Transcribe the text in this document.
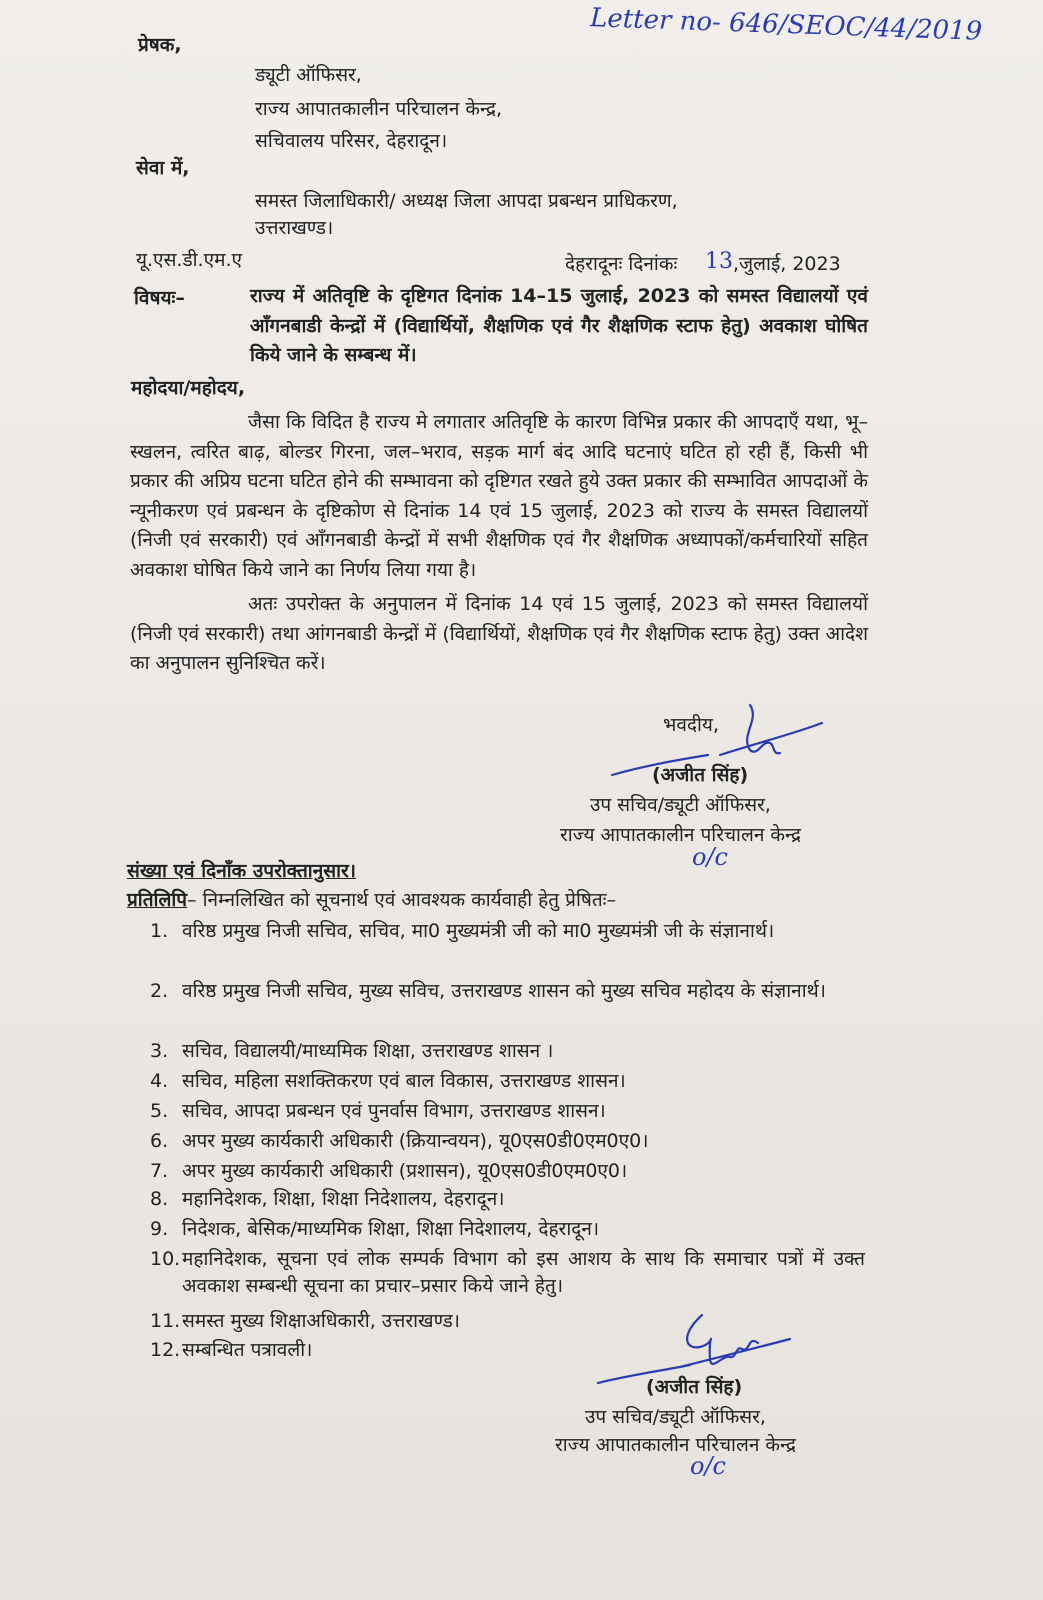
Letter no- 646/SEOC/44/2019
प्रेषक,
ड्यूटी ऑफिसर,
राज्य आपातकालीन परिचालन केन्द्र,
सचिवालय परिसर, देहरादून।
सेवा में,
समस्त जिलाधिकारी/ अध्यक्ष जिला आपदा प्रबन्धन प्राधिकरण,
उत्तराखण्ड।
यू.एस.डी.एम.ए	देहरादूनः दिनांकः 13 ,जुलाई, 2023
विषयः–	राज्य में अतिवृष्टि के दृष्टिगत दिनांक 14–15 जुलाई, 2023 को समस्त विद्यालयों एवं आँगनबाडी केन्द्रों में (विद्यार्थियों, शैक्षणिक एवं गैर शैक्षणिक स्टाफ हेतु) अवकाश घोषित किये जाने के सम्बन्ध में।
महोदया/महोदय,

जैसा कि विदित है राज्य मे लगातार अतिवृष्टि के कारण विभिन्न प्रकार की आपदाएँ यथा, भू–स्खलन, त्वरित बाढ़, बोल्डर गिरना, जल–भराव, सड़क मार्ग बंद आदि घटनाएं घटित हो रही हैं, किसी भी प्रकार की अप्रिय घटना घटित होने की सम्भावना को दृष्टिगत रखते हुये उक्त प्रकार की सम्भावित आपदाओं के न्यूनीकरण एवं प्रबन्धन के दृष्टिकोण से दिनांक 14 एवं 15 जुलाई, 2023 को राज्य के समस्त विद्यालयों (निजी एवं सरकारी) एवं आँगनबाडी केन्द्रों में सभी शैक्षणिक एवं गैर शैक्षणिक अध्यापकों/कर्मचारियों सहित अवकाश घोषित किये जाने का निर्णय लिया गया है।

अतः उपरोक्त के अनुपालन में दिनांक 14 एवं 15 जुलाई, 2023 को समस्त विद्यालयों (निजी एवं सरकारी) तथा आंगनबाडी केन्द्रों में (विद्यार्थियों, शैक्षणिक एवं गैर शैक्षणिक स्टाफ हेतु) उक्त आदेश का अनुपालन सुनिश्चित करें।

भवदीय,
(अजीत सिंह)
उप सचिव/ड्यूटी ऑफिसर,
राज्य आपातकालीन परिचालन केन्द्र
o/c
संख्या एवं दिनाँक उपरोक्तानुसार।
प्रतिलिपि– निम्नलिखित को सूचनार्थ एवं आवश्यक कार्यवाही हेतु प्रेषितः–
1. वरिष्ठ प्रमुख निजी सचिव, सचिव, मा0 मुख्यमंत्री जी को मा0 मुख्यमंत्री जी के संज्ञानार्थ।
2. वरिष्ठ प्रमुख निजी सचिव, मुख्य सविच, उत्तराखण्ड शासन को मुख्य सचिव महोदय के संज्ञानार्थ।
3. सचिव, विद्यालयी/माध्यमिक शिक्षा, उत्तराखण्ड शासन ।
4. सचिव, महिला सशक्तिकरण एवं बाल विकास, उत्तराखण्ड शासन।
5. सचिव, आपदा प्रबन्धन एवं पुनर्वास विभाग, उत्तराखण्ड शासन।
6. अपर मुख्य कार्यकारी अधिकारी (क्रियान्वयन), यू0एस0डी0एम0ए0।
7. अपर मुख्य कार्यकारी अधिकारी (प्रशासन), यू0एस0डी0एम0ए0।
8. महानिदेशक, शिक्षा, शिक्षा निदेशालय, देहरादून।
9. निदेशक, बेसिक/माध्यमिक शिक्षा, शिक्षा निदेशालय, देहरादून।
10. महानिदेशक, सूचना एवं लोक सम्पर्क विभाग को इस आशय के साथ कि समाचार पत्रों में उक्त अवकाश सम्बन्धी सूचना का प्रचार–प्रसार किये जाने हेतु।
11. समस्त मुख्य शिक्षाअधिकारी, उत्तराखण्ड।
12. सम्बन्धित पत्रावली।
(अजीत सिंह)
उप सचिव/ड्यूटी ऑफिसर,
राज्य आपातकालीन परिचालन केन्द्र
o/c
